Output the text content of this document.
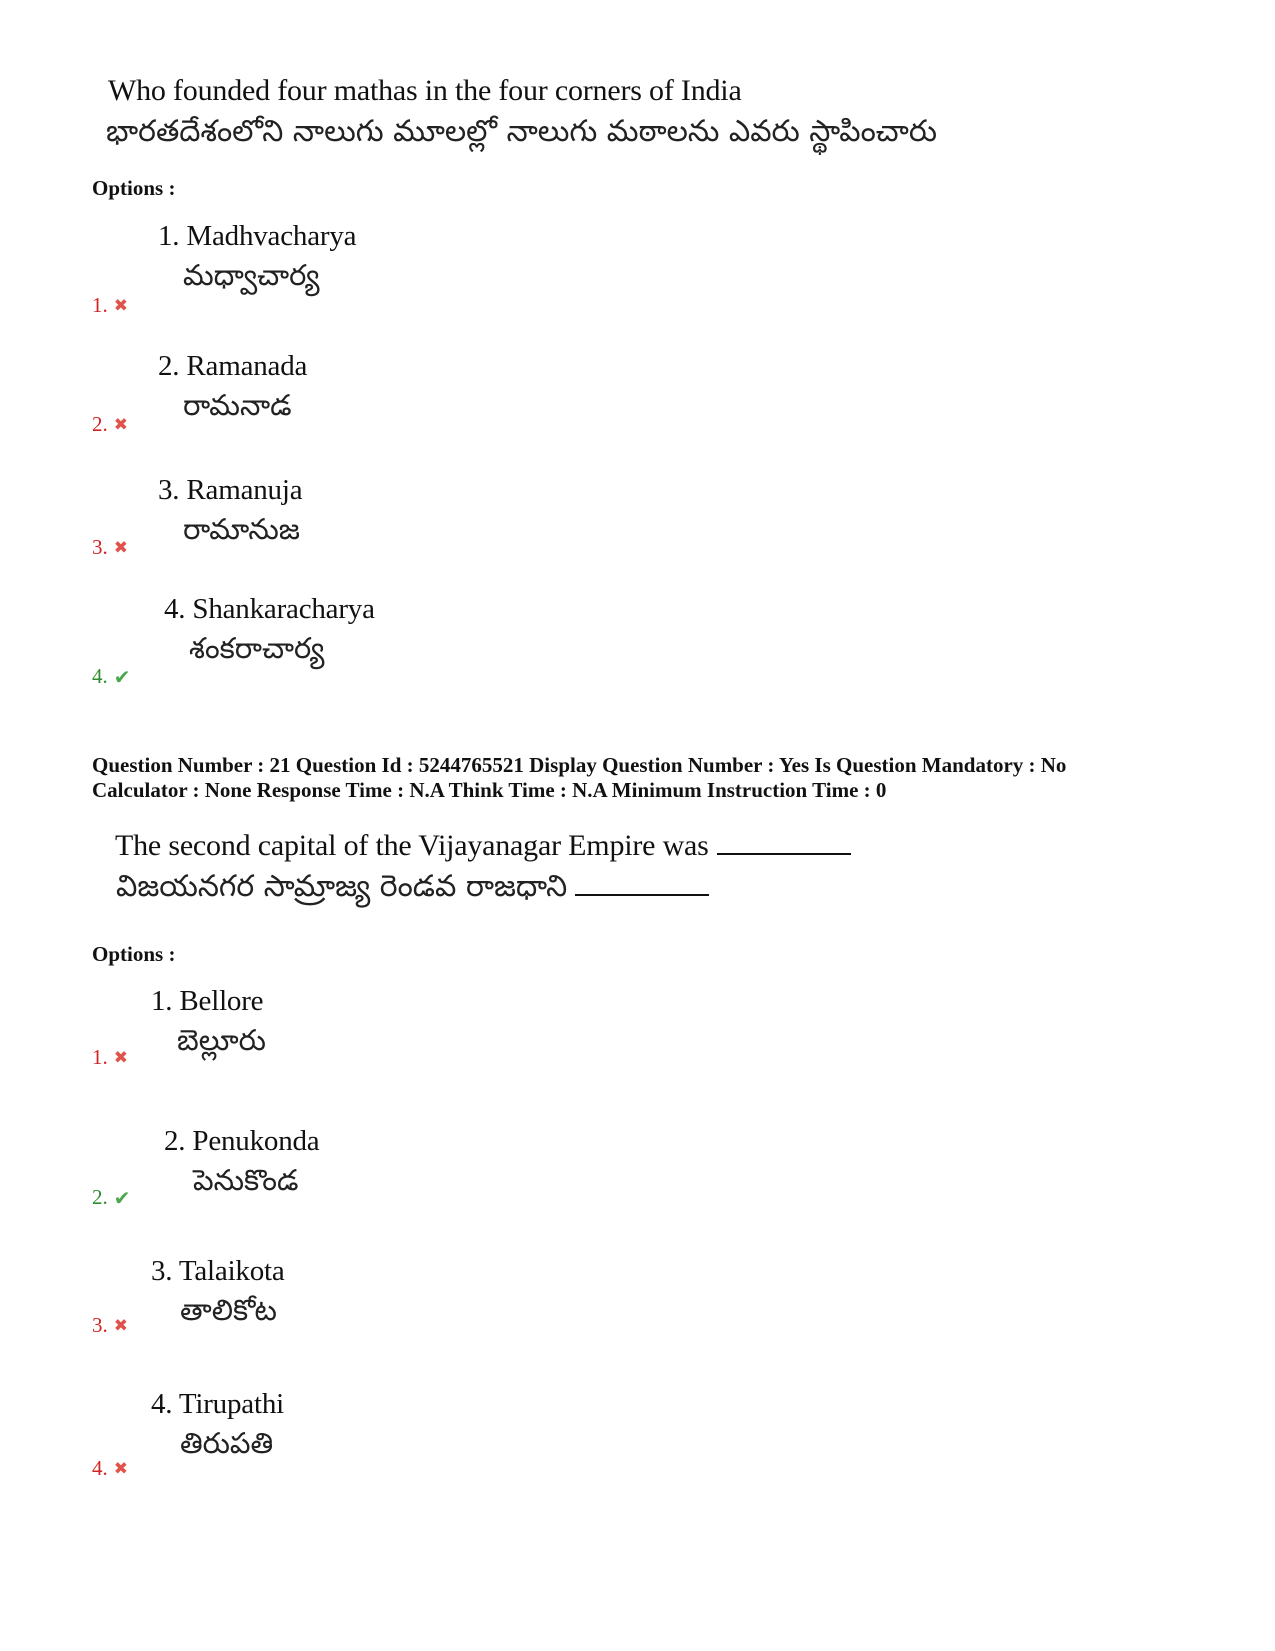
Who founded four mathas in the four corners of India
భారతదేశంలోని నాలుగు మూలల్లో నాలుగు మఠాలను ఎవరు స్థాపించారు
Options :
1. Madhvacharya
మధ్వాచార్య
1. ✖
2. Ramanada
రామనాడ
2. ✖
3. Ramanuja
రామానుజ
3. ✖
4. Shankaracharya
శంకరాచార్య
4. ✔
Question Number : 21 Question Id : 5244765521 Display Question Number : Yes Is Question Mandatory : No
Calculator : None Response Time : N.A Think Time : N.A Minimum Instruction Time : 0
The second capital of the Vijayanagar Empire was
విజయనగర సామ్రాజ్య రెండవ రాజధాని
Options :
1. Bellore
బెల్లూరు
1. ✖
2. Penukonda
పెనుకొండ
2. ✔
3. Talaikota
తాలికోట
3. ✖
4. Tirupathi
తిరుపతి
4. ✖
